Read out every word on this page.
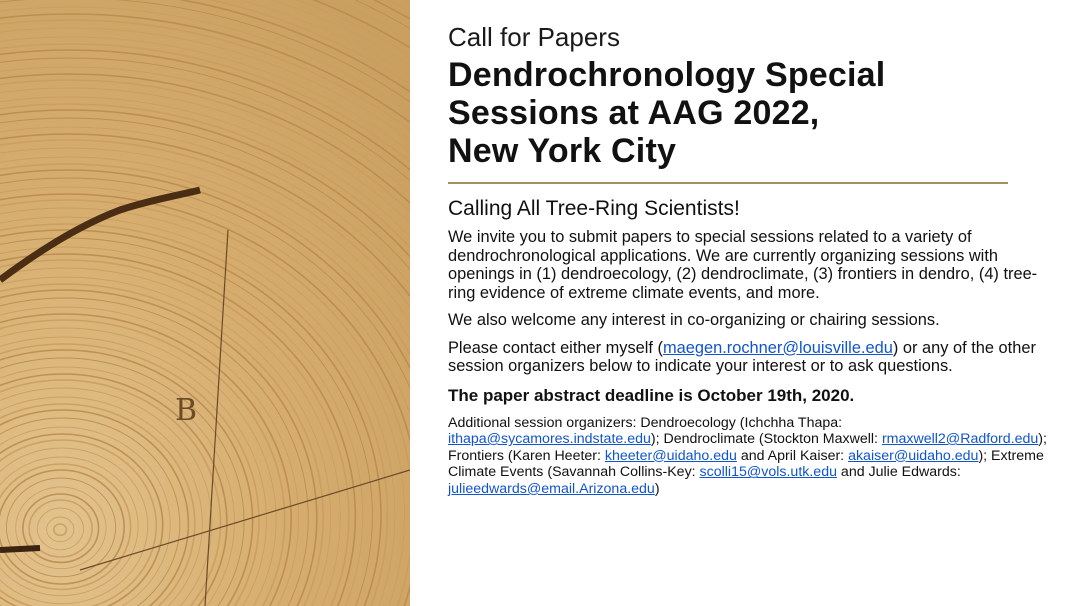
B
Call for Papers
Dendrochronology Special
Sessions at AAG 2022,
New York City
Calling All Tree-Ring Scientists!

We invite you to submit papers to special sessions related to a variety of dendrochronological applications. We are currently organizing sessions with openings in (1) dendroecology, (2) dendroclimate, (3) frontiers in dendro, (4) tree-ring evidence of extreme climate events, and more.

We also welcome any interest in co-organizing or chairing sessions.

Please contact either myself (maegen.rochner@louisville.edu) or any of the other session organizers below to indicate your interest or to ask questions.

The paper abstract deadline is October 19th, 2020.

Additional session organizers: Dendroecology (Ichchha Thapa: ithapa@sycamores.indstate.edu); Dendroclimate (Stockton Maxwell: rmaxwell2@Radford.edu); Frontiers (Karen Heeter: kheeter@uidaho.edu and April Kaiser: akaiser@uidaho.edu); Extreme Climate Events (Savannah Collins-Key: scolli15@vols.utk.edu and Julie Edwards: julieedwards@email.Arizona.edu)
